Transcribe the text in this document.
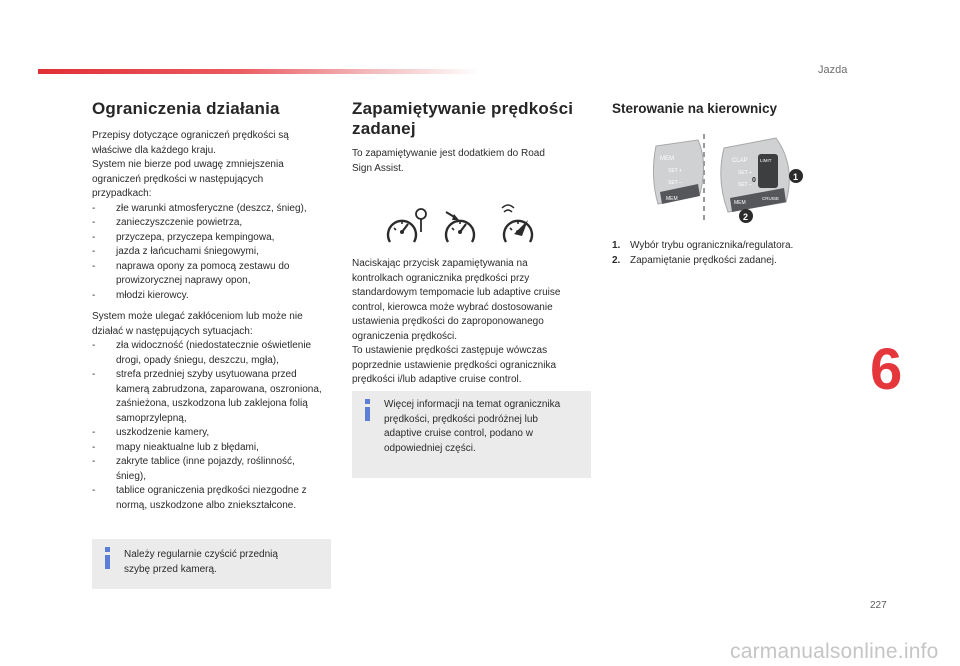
Jazda
Ograniczenia działania

Przepisy dotyczące ograniczeń prędkości są
właściwe dla każdego kraju.
System nie bierze pod uwagę zmniejszenia
ograniczeń prędkości w następujących
przypadkach:

- złe warunki atmosferyczne (deszcz, śnieg),
- zanieczyszczenie powietrza,
- przyczepa, przyczepa kempingowa,
- jazda z łańcuchami śniegowymi,
- naprawa opony za pomocą zestawu do prowizorycznej naprawy opon,
- młodzi kierowcy.

System może ulegać zakłóceniom lub może nie
działać w następujących sytuacjach:

- zła widoczność (niedostatecznie oświetlenie drogi, opady śniegu, deszczu, mgła),
- strefa przedniej szyby usytuowana przed kamerą zabrudzona, zaparowana, oszroniona, zaśnieżona, uszkodzona lub zaklejona folią samoprzylepną,
- uszkodzenie kamery,
- mapy nieaktualne lub z błędami,
- zakryte tablice (inne pojazdy, roślinność, śnieg),
- tablice ograniczenia prędkości niezgodne z normą, uszkodzone albo zniekształcone.
Należy regularnie czyścić przednią
szybę przed kamerą.
Zapamiętywanie prędkości
zadanej

To zapamiętywanie jest dodatkiem do Road
Sign Assist.

Naciskając przycisk zapamiętywania na
kontrolkach ogranicznika prędkości przy
standardowym tempomacie lub adaptive cruise
control, kierowca może wybrać dostosowanie
ustawienia prędkości do zaproponowanego
ograniczenia prędkości.
To ustawienie prędkości zastępuje wówczas
poprzednie ustawienie prędkości ogranicznika
prędkości i/lub adaptive cruise control.

Więcej informacji na temat ogranicznika
prędkości, prędkości podróżnej lub
adaptive cruise control, podano w
odpowiedniej części.
Sterowanie na kierownicy
MEM
SET +
SET –
MEM
CLAP	LIMIT
SET +
SET –
MEM
CRUISE
0	1
2
1. Wybór trybu ogranicznika/regulatora.
2. Zapamiętanie prędkości zadanej.
6
227
carmanualsonline.info
